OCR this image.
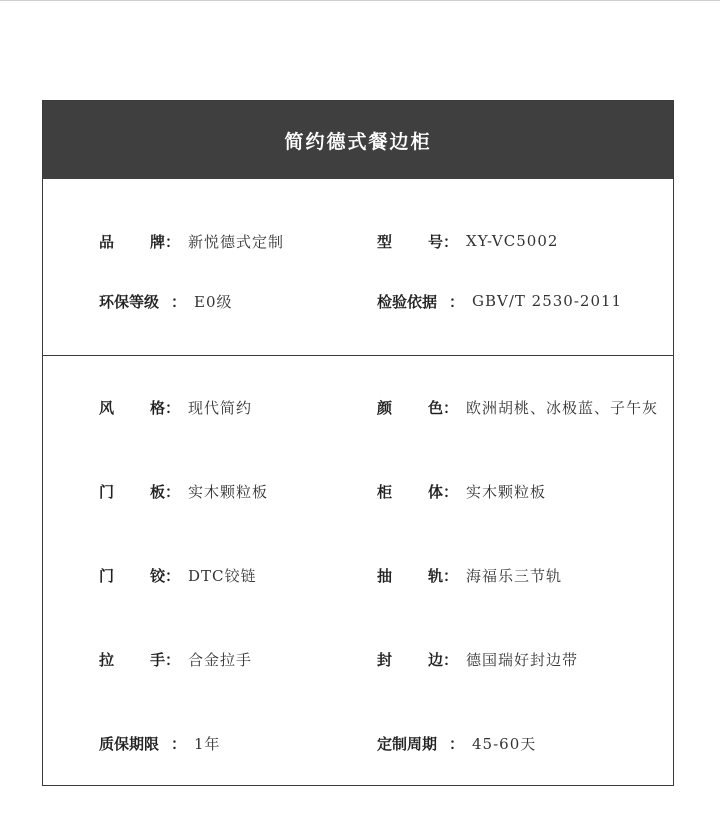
简约德式餐边柜
品 牌 ： 新悦德式定制	型 号 ： XY-VC5002
环保等级 ： E0级	检验依据 ： GBV/T 2530-2011
风 格 ： 现代简约	颜 色 ： 欧洲胡桃、冰极蓝、子午灰
门 板 ： 实木颗粒板	柜 体 ： 实木颗粒板
门 铰 ： DTC铰链	抽 轨 ： 海福乐三节轨
拉 手 ： 合金拉手	封 边 ： 德国瑞好封边带
质保期限 ： 1年	定制周期 ： 45-60天
